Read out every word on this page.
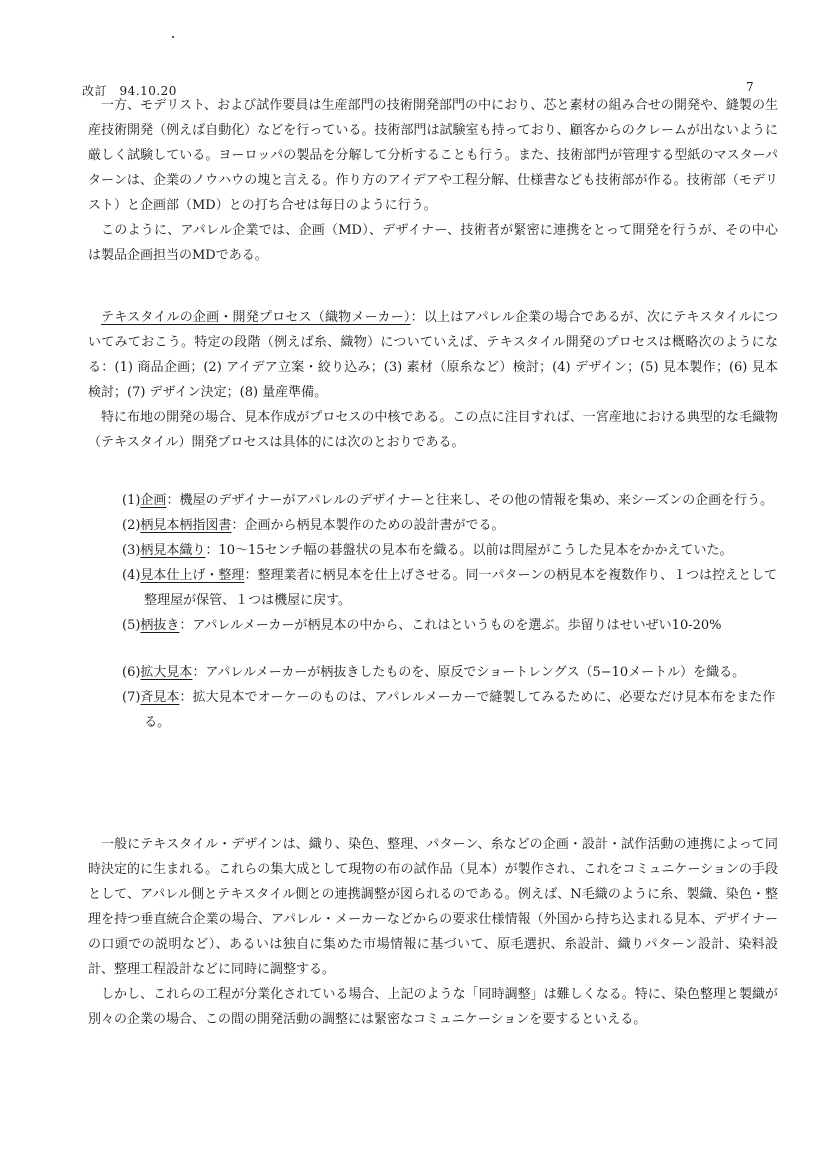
改訂　94.10.20	7

一方、モデリスト、および試作要員は生産部門の技術開発部門の中におり、芯と素材の組み合せの開発や、縫製の生産技術開発（例えば自動化）などを行っている。技術部門は試験室も持っており、顧客からのクレームが出ないように厳しく試験している。ヨーロッパの製品を分解して分析することも行う。また、技術部門が管理する型紙のマスターパターンは、企業のノウハウの塊と言える。作り方のアイデアや工程分解、仕様書なども技術部が作る。技術部（モデリスト）と企画部（MD）との打ち合せは毎日のように行う。

このように、アパレル企業では、企画（MD）、デザイナー、技術者が緊密に連携をとって開発を行うが、その中心は製品企画担当のMDである。

テキスタイルの企画・開発プロセス（織物メーカー）：以上はアパレル企業の場合であるが、次にテキスタイルについてみておこう。特定の段階（例えば糸、織物）についていえば、テキスタイル開発のプロセスは概略次のようになる：(1) 商品企画；(2) アイデア立案・絞り込み；(3) 素材（原糸など）検討；(4) デザイン；(5) 見本製作；(6) 見本検討；(7) デザイン決定；(8) 量産準備。

特に布地の開発の場合、見本作成がプロセスの中核である。この点に注目すれば、一宮産地における典型的な毛織物（テキスタイル）開発プロセスは具体的には次のとおりである。

(1)企画：機屋のデザイナーがアパレルのデザイナーと往来し、その他の情報を集め、来シーズンの企画を行う。

(2)柄見本柄指図書：企画から柄見本製作のための設計書がでる。

(3)柄見本織り：10～15センチ幅の碁盤状の見本布を織る。以前は問屋がこうした見本をかかえていた。

(4)見本仕上げ・整理：整理業者に柄見本を仕上げさせる。同一パターンの柄見本を複数作り、１つは控えとして整理屋が保管、１つは機屋に戻す。

(5)柄抜き：アパレルメーカーが柄見本の中から、これはというものを選ぶ。歩留りはせいぜい10-20%

(6)拡大見本：アパレルメーカーが柄抜きしたものを、原反でショートレングス（5−10メートル）を織る。

(7)斉見本：拡大見本でオーケーのものは、アパレルメーカーで縫製してみるために、必要なだけ見本布をまた作る。

一般にテキスタイル・デザインは、織り、染色、整理、パターン、糸などの企画・設計・試作活動の連携によって同時決定的に生まれる。これらの集大成として現物の布の試作品（見本）が製作され、これをコミュニケーションの手段として、アパレル側とテキスタイル側との連携調整が図られるのである。例えば、N毛織のように糸、製織、染色・整理を持つ垂直統合企業の場合、アパレル・メーカーなどからの要求仕様情報（外国から持ち込まれる見本、デザイナーの口頭での説明など）、あるいは独自に集めた市場情報に基づいて、原毛選択、糸設計、織りパターン設計、染料設計、整理工程設計などに同時に調整する。

しかし、これらの工程が分業化されている場合、上記のような「同時調整」は難しくなる。特に、染色整理と製織が別々の企業の場合、この間の開発活動の調整には緊密なコミュニケーションを要するといえる。
